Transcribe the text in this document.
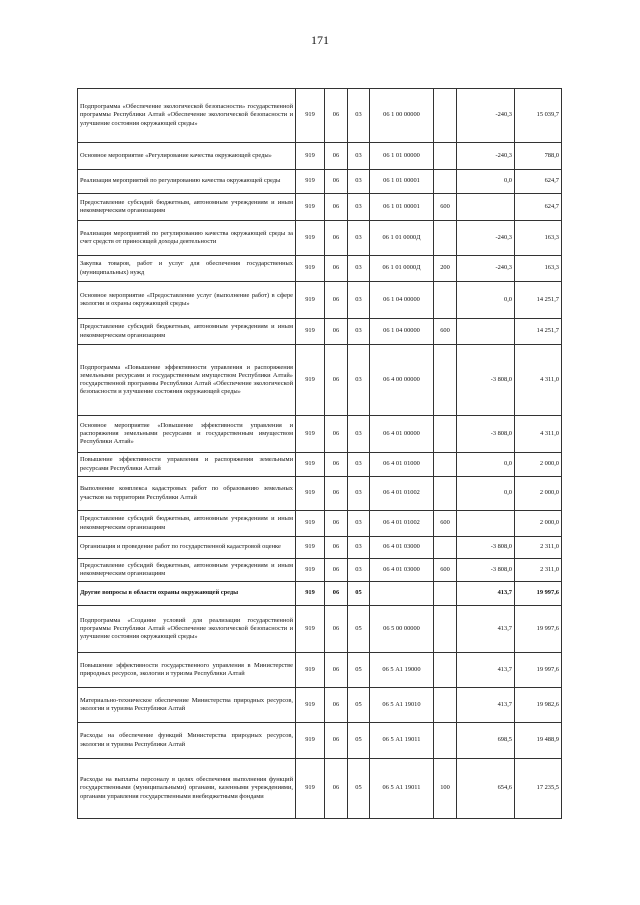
171
Подпрограмма «Обеспечение экологической безопасности» государственной программы Республики Алтай «Обеспечение экологической безопасности и улучшение состояния окружающей среды»	919	06	03	06 1 00 00000		-240,3	15 039,7
Основное мероприятие «Регулирование качества окружающей среды»	919	06	03	06 1 01 00000		-240,3	788,0
Реализация мероприятий по регулированию качества окружающей среды	919	06	03	06 1 01 00001		0,0	624,7
Предоставление субсидий бюджетным, автономным учреждениям и иным некоммерческим организациям	919	06	03	06 1 01 00001	600		624,7
Реализация мероприятий по регулированию качества окружающей среды за счет средств от приносящей доходы деятельности	919	06	03	06 1 01 0000Д		-240,3	163,3
Закупка товаров, работ и услуг для обеспечения государственных (муниципальных) нужд	919	06	03	06 1 01 0000Д	200	-240,3	163,3
Основное мероприятие «Предоставление услуг (выполнение работ) в сфере экологии и охраны окружающей среды»	919	06	03	06 1 04 00000		0,0	14 251,7
Предоставление субсидий бюджетным, автономным учреждениям и иным некоммерческим организациям	919	06	03	06 1 04 00000	600		14 251,7
Подпрограмма «Повышение эффективности управления и распоряжения земельными ресурсами и государственным имуществом Республики Алтай» государственной программы Республики Алтай «Обеспечение экологической безопасности и улучшение состояния окружающей среды»	919	06	03	06 4 00 00000		-3 808,0	4 311,0
Основное мероприятие «Повышение эффективности управления и распоряжения земельными ресурсами и государственным имуществом Республики Алтай»	919	06	03	06 4 01 00000		-3 808,0	4 311,0
Повышение эффективности управления и распоряжения земельными ресурсами Республики Алтай	919	06	03	06 4 01 01000		0,0	2 000,0
Выполнение комплекса кадастровых работ по образованию земельных участков на территории Республики Алтай	919	06	03	06 4 01 01002		0,0	2 000,0
Предоставление субсидий бюджетным, автономным учреждениям и иным некоммерческим организациям	919	06	03	06 4 01 01002	600		2 000,0
Организация и проведение работ по государственной кадастровой оценке	919	06	03	06 4 01 03000		-3 808,0	2 311,0
Предоставление субсидий бюджетным, автономным учреждениям и иным некоммерческим организациям	919	06	03	06 4 01 03000	600	-3 808,0	2 311,0
Другие вопросы в области охраны окружающей среды	919	06	05			413,7	19 997,6
Подпрограмма «Создание условий для реализации государственной программы Республики Алтай «Обеспечение экологической безопасности и улучшение состояния окружающей среды»	919	06	05	06 5 00 00000		413,7	19 997,6
Повышение эффективности государственного управления в Министерстве природных ресурсов, экологии и туризма Республики Алтай	919	06	05	06 5 А1 19000		413,7	19 997,6
Материально-техническое обеспечение Министерства природных ресурсов, экологии и туризма Республики Алтай	919	06	05	06 5 А1 19010		413,7	19 982,6
Расходы на обеспечение функций Министерства природных ресурсов, экологии и туризма Республики Алтай	919	06	05	06 5 А1 19011		698,5	19 488,9
Расходы на выплаты персоналу в целях обеспечения выполнения функций государственными (муниципальными) органами, казенными учреждениями, органами управления государственными внебюджетными фондами	919	06	05	06 5 А1 19011	100	654,6	17 235,5
